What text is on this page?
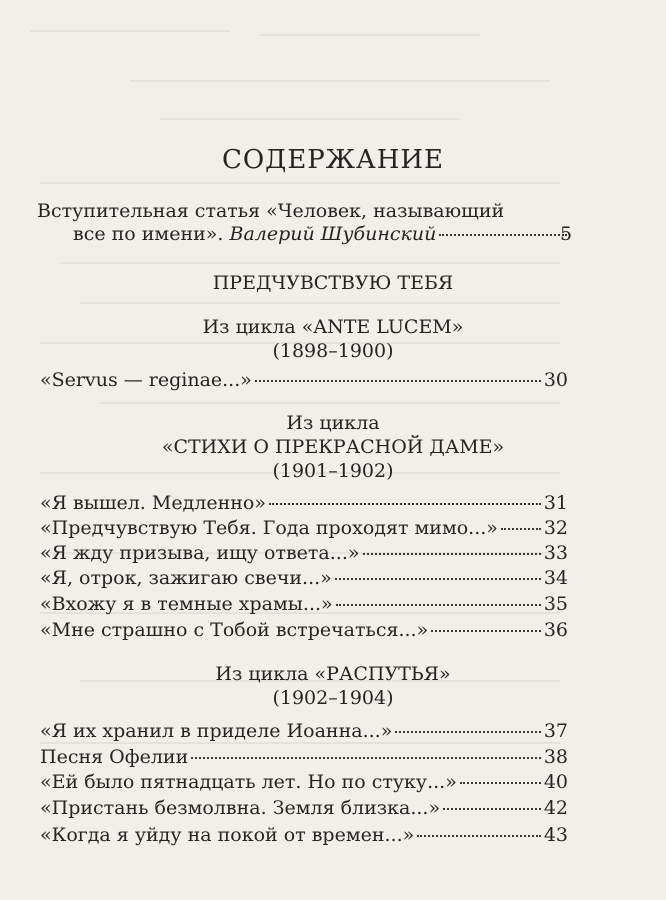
СОДЕРЖАНИЕ
Вступительная статья «Человек, называющий
все по имени».
Валерий Шубинский	5
ПРЕДЧУВСТВУЮ ТЕБЯ
Из цикла «ANTE LUCEM»
(1898–1900)
«Servus — reginae...»	30
Из цикла
«СТИХИ О ПРЕКРАСНОЙ ДАМЕ»
(1901–1902)
«Я вышел. Медленно»	31
«Предчувствую Тебя. Года проходят мимо...» 32
«Я жду призыва, ищу ответа...»	33
«Я, отрок, зажигаю свечи...»	34
«Вхожу я в темные храмы...»	35
«Мне страшно с Тобой встречаться...»	36
Из цикла «РАСПУТЬЯ»
(1902–1904)
«Я их хранил в приделе Иоанна...»	37
Песня Офелии	38
«Ей было пятнадцать лет. Но по стуку...»	40
«Пристань безмолвна. Земля близка...»	42
«Когда я уйду на покой от времен...»	43
